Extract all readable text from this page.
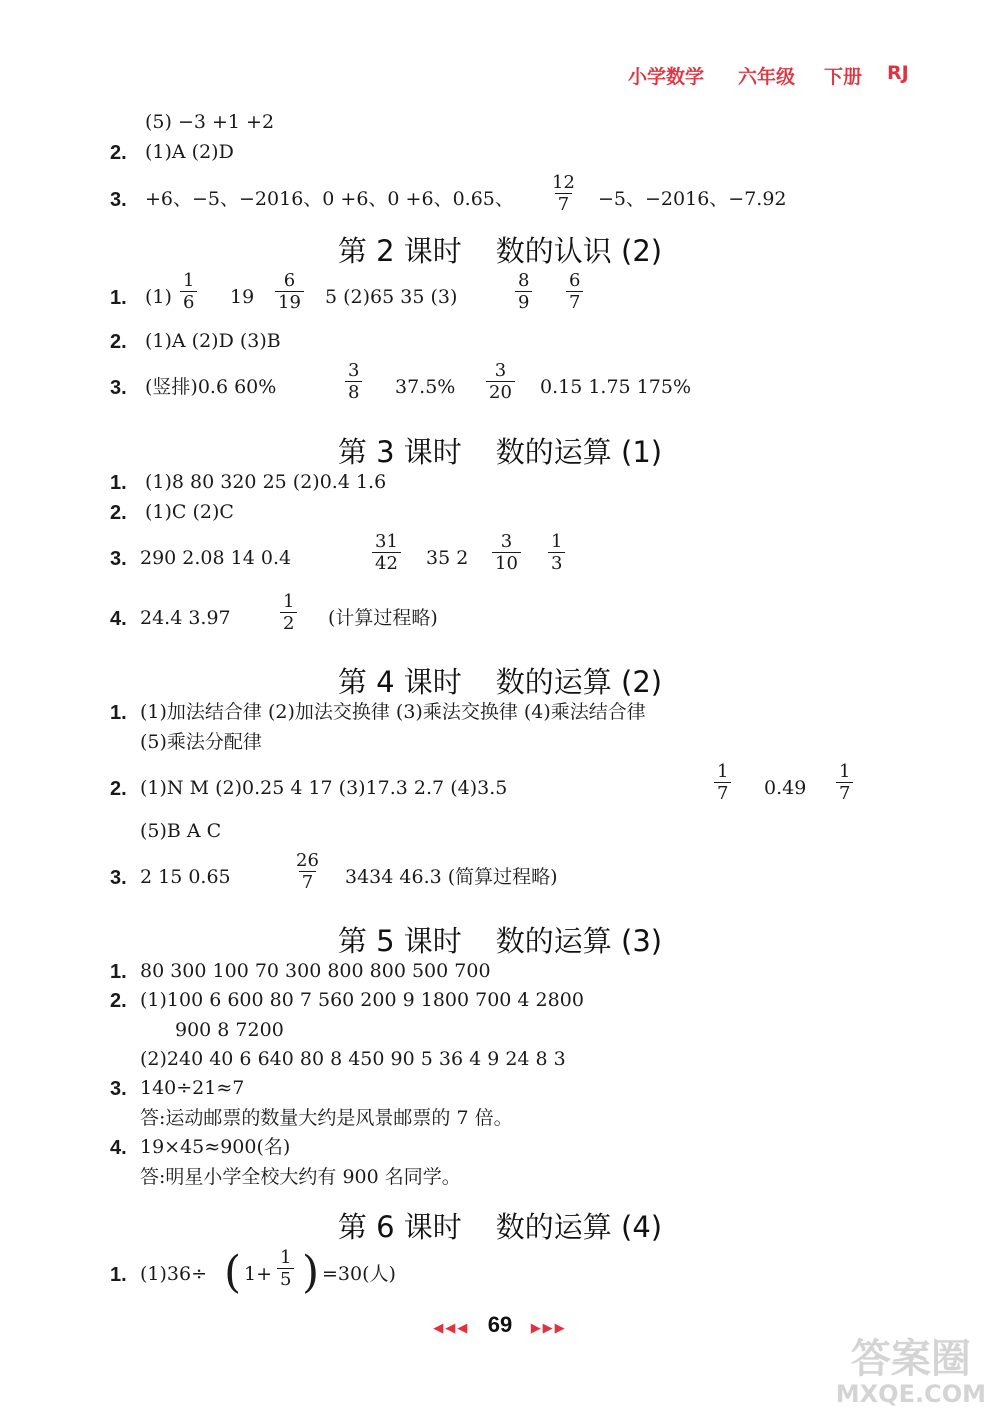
小学数学 六年级 下册 RJ
(5) −3 +1 +2
2. (1)A (2)D
3. +6、−5、−2016、0 +6、0 +6、0.65、 $\frac{12}{7} -5$、−2016、−7.92
第 2 课时 数的认识 (2)
1. $(1) \frac{1}{6} 19 \frac{6}{19} 5$ (2)65 35 (3)	$\frac{8}{9} \frac{6}{7}$
2. (1)A (2)D (3)B
3. (竖排)0.6 60%	$\frac{3}{8} 37.5\% \frac{3}{20} 0.15$ 1.75 175%
第 3 课时 数的运算 (1)
1. (1)8 80 320 25 (2)0.4 1.6
2. (1)C (2)C
3. 290 2.08 14 0.4	$\frac{31}{42} 35$ $2 \frac{3}{10} \frac{1}{3}$
4. 24.4 3.97	$\frac{1}{2}$ (计算过程略)
第 4 课时 数的运算 (2)
1. (1)加法结合律 (2)加法交换律 (3)乘法交换律 (4)乘法结合律
(5)乘法分配律
2. (1)N M (2)0.25 4 17 (3)17.3 2.7 (4)3.5	$\frac{1}{7} 0.49 \frac{1}{7}$
(5)B A C
3. 2 15 0.65	$\frac{26}{7} 3434$ 46.3 (简算过程略)
第 5 课时 数的运算 (3)
1. 80 300 100 70 300 800 800 500 700
2. (1)100 6 600 80 7 560 200 9 1800 700 4 2800
900 8 7200
(2)240 40 6 640 80 8 450 90 5 36 4 9 24 8 3
3. 140÷21≈7
答:运动邮票的数量大约是风景邮票的 7 倍。
4. 19×45≈900(名)
答:明星小学全校大约有 900 名同学。
第 6 课时 数的运算 (4)
1. (1)36÷ ( $1+ \frac{1}{5}$ ) =30(人)
◀◀◀ 69 ▶▶▶
答案圈
MXQE.COM
